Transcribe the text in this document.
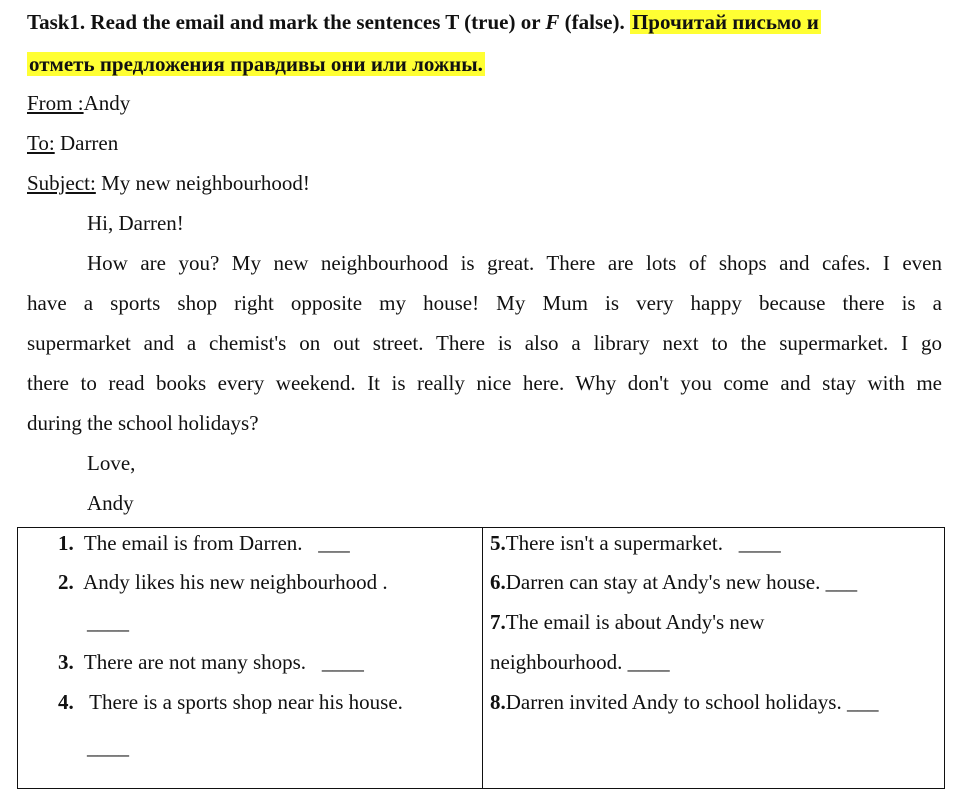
Task1. Read the email and mark the sentences T (true) or F (false). Прочитай письмо и
отметь предложения правдивы они или ложны.
From :Andy
To: Darren
Subject: My new neighbourhood!
Hi, Darren!
How are you? My new neighbourhood is great. There are lots of shops and cafes. I even
have a sports shop right opposite my house! My Mum is very happy because there is a
supermarket and a chemist's on out street. There is also a library next to the supermarket. I go
there to read books every weekend. It is really nice here. Why don't you come and stay with me
during the school holidays?
Love,
Andy
1. The email is from Darren. ___
2. Andy likes his new neighbourhood .
____
3. There are not many shops. ____
4. There is a sports shop near his house.
____
5.There isn't a supermarket. ____
6.Darren can stay at Andy's new house. ___
7.The email is about Andy's new
neighbourhood. ____
8.Darren invited Andy to school holidays. ___
